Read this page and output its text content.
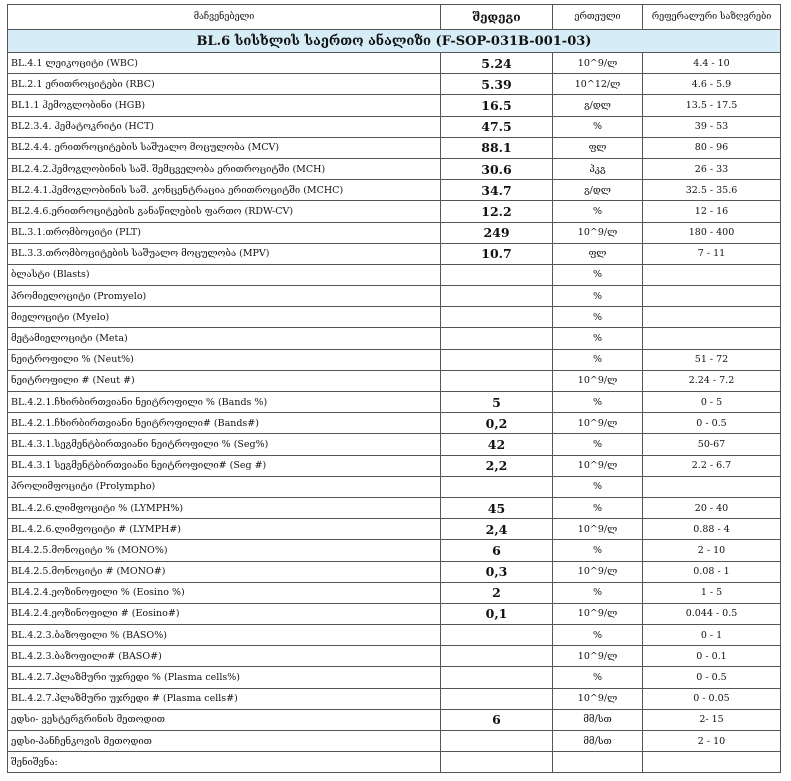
მაჩვენებელი	შედეგი	ერთეული	რეფერალური საზღვრები
BL.6 სისხლის საერთო ანალიზი (F-SOP-031B-001-03)			
BL.4.1 ლეიკოციტი (WBC)	5.24	10^9/ლ	4.4 - 10
BL.2.1 ერითროციტები (RBC)	5.39	10^12/ლ	4.6 - 5.9
BL1.1 ჰემოგლობინი (HGB)	16.5	გ/დლ	13.5 - 17.5
BL2.3.4. ჰემატოკრიტი (HCT)	47.5	%	39 - 53
BL2.4.4. ერითროციტების საშუალო მოცულობა (MCV)	88.1	ფლ	80 - 96
BL2.4.2.ჰემოგლობინის საშ. შემცველობა ერითროციტში (MCH)	30.6	პკგ	26 - 33
BL2.4.1.ჰემოგლობინის საშ. კონცენტრაცია ერითროციტში (MCHC)	34.7	გ/დლ	32.5 - 35.6
BL2.4.6.ერითროციტების განაწილების ფართო (RDW-CV)	12.2	%	12 - 16
BL.3.1.თრომბოციტი (PLT)	249	10^9/ლ	180 - 400
BL.3.3.თრომბოციტების საშუალო მოცულობა (MPV)	10.7	ფლ	7 - 11
ბლასტი (Blasts)		%	
პრომიელოციტი (Promyelo)		%	
მიელოციტი (Myelo)		%	
მეტამიელოციტი (Meta)		%	
ნეიტროფილი % (Neut%)		%	51 - 72
ნეიტროფილი # (Neut #)		10^9/ლ	2.24 - 7.2
BL.4.2.1.ჩხირბირთვიანი ნეიტროფილი % (Bands %)	5	%	0 - 5
BL.4.2.1.ჩხირბირთვიანი ნეიტროფილი# (Bands#)	0,2	10^9/ლ	0 - 0.5
BL.4.3.1.სეგმენტბირთვიანი ნეიტროფილი % (Seg%)	42	%	50-67
BL.4.3.1 სეგმენტბირთვიანი ნეიტროფილი# (Seg #)	2,2	10^9/ლ	2.2 - 6.7
პროლიმფოციტი (Prolympho)		%	
BL.4.2.6.ლიმფოციტი % (LYMPH%)	45	%	20 - 40
BL.4.2.6.ლიმფოციტი # (LYMPH#)	2,4	10^9/ლ	0.88 - 4
BL4.2.5.მონოციტი % (MONO%)	6	%	2 - 10
BL4.2.5.მონოციტი # (MONO#)	0,3	10^9/ლ	0.08 - 1
BL4.2.4.ეოზინოფილი % (Eosino %)	2	%	1 - 5
BL4.2.4.ეოზინოფილი # (Eosino#)	0,1	10^9/ლ	0.044 - 0.5
BL.4.2.3.ბაზოფილი % (BASO%)		%	0 - 1
BL.4.2.3.ბაზოფილი# (BASO#)		10^9/ლ	0 - 0.1
BL.4.2.7.პლაზმური უჯრედი % (Plasma cells%)		%	0 - 0.5
BL.4.2.7.პლაზმური უჯრედი # (Plasma cells#)		10^9/ლ	0 - 0.05
ედსი- ვესტერგრინის მეთოდით	6	მმ/სთ	2- 15
ედსი-პანჩენკოვის მეთოდით		მმ/სთ	2 - 10
შენიშვნა:			
